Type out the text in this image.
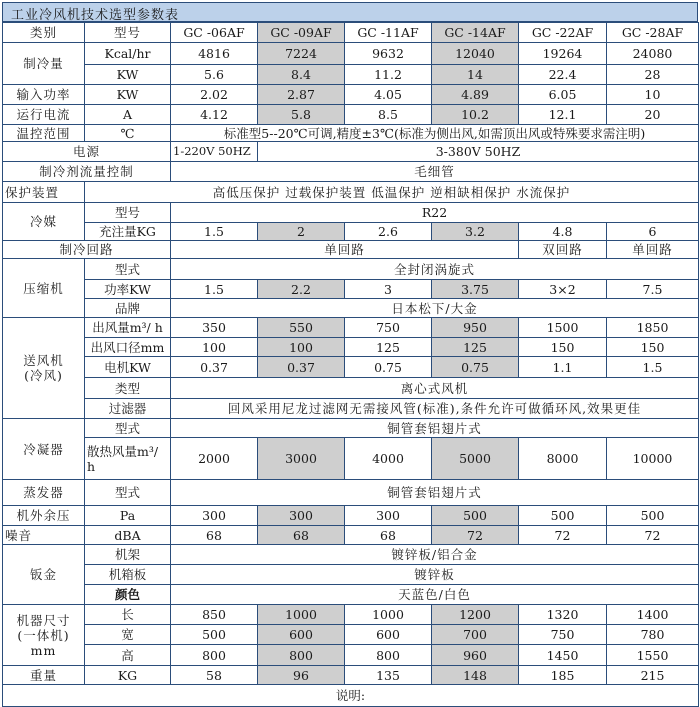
工业冷风机技术选型参数表
类别	型号	GC -06AF	GC -09AF	GC -11AF	GC -14AF	GC -22AF	GC -28AF
制冷量	Kcal/hr	4816	7224	9632	12040	19264	24080
	KW	5.6	8.4	11.2	14	22.4	28
输入功率	KW	2.02	2.87	4.05	4.89	6.05	10
运行电流	A	4.12	5.8	8.5	10.2	12.1	20
温控范围	℃	标准型5--20℃可调,精度±3℃(标准为侧出风,如需顶出风或特殊要求需注明)					
电源		1-220V 50HZ	3-380V 50HZ				
制冷剂流量控制		毛细管					
保护装置	高低压保护 过载保护装置 低温保护 逆相缺相保护 水流保护						
冷媒	型号	R22					
	充注量KG	1.5	2	2.6	3.2	4.8	6
制冷回路		单回路				双回路	单回路
压缩机	型式	全封闭涡旋式					
	功率KW	1.5	2.2	3	3.75	3×2	7.5
	品牌	日本松下/大金					
送风机
(冷风)	出风量m³/ h	350	550	750	950	1500	1850
	出风口径mm	100	100	125	125	150	150
	电机KW	0.37	0.37	0.75	0.75	1.1	1.5
	类型	离心式风机					
	过滤器	回风采用尼龙过滤网无需接风管(标准),条件允许可做循环风,效果更佳					
冷凝器	型式	铜管套铝翅片式					
	散热风量m³/
h	2000	3000	4000	5000	8000	10000
蒸发器	型式	铜管套铝翅片式					
机外余压	Pa	300	300	300	500	500	500
噪音	dBA	68	68	68	72	72	72
钣金	机架	镀锌板/铝合金					
	机箱板	镀锌板					
	颜色	天蓝色/白色					
机器尺寸
(一体机)
mm	长	850	1000	1000	1200	1320	1400
	宽	500	600	600	700	750	780
	高	800	800	800	960	1450	1550
重量	KG	58	96	135	148	185	215
说明:							
